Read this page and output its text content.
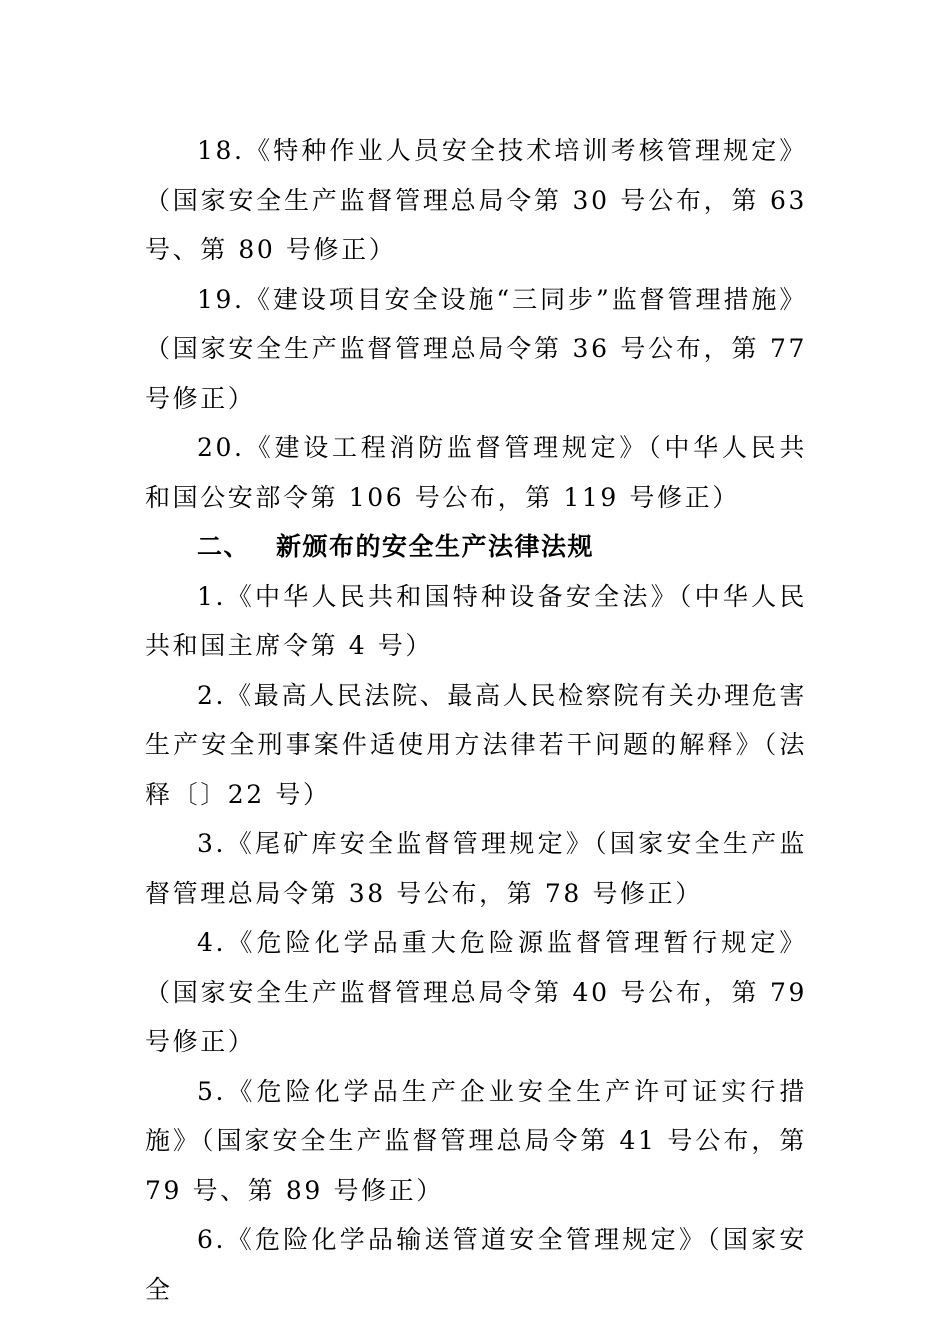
18.《特种作业人员安全技术培训考核管理规定》（国家安全生产监督管理总局令第 30 号公布，第 63 号、第 80 号修正）

19.《建设项目安全设施“三同步”监督管理措施》（国家安全生产监督管理总局令第 36 号公布，第 77 号修正）

20.《建设工程消防监督管理规定》（中华人民共和国公安部令第 106 号公布，第 119 号修正）

二、 新颁布的安全生产法律法规

1.《中华人民共和国特种设备安全法》（中华人民共和国主席令第 4 号）

2.《最高人民法院、最高人民检察院有关办理危害生产安全刑事案件适使用方法律若干问题的解释》（法释〔〕22 号）

3.《尾矿库安全监督管理规定》（国家安全生产监督管理总局令第 38 号公布，第 78 号修正）

4.《危险化学品重大危险源监督管理暂行规定》（国家安全生产监督管理总局令第 40 号公布，第 79 号修正）

5.《危险化学品生产企业安全生产许可证实行措施》（国家安全生产监督管理总局令第 41 号公布，第 79 号、第 89 号修正）

6.《危险化学品输送管道安全管理规定》（国家安全
